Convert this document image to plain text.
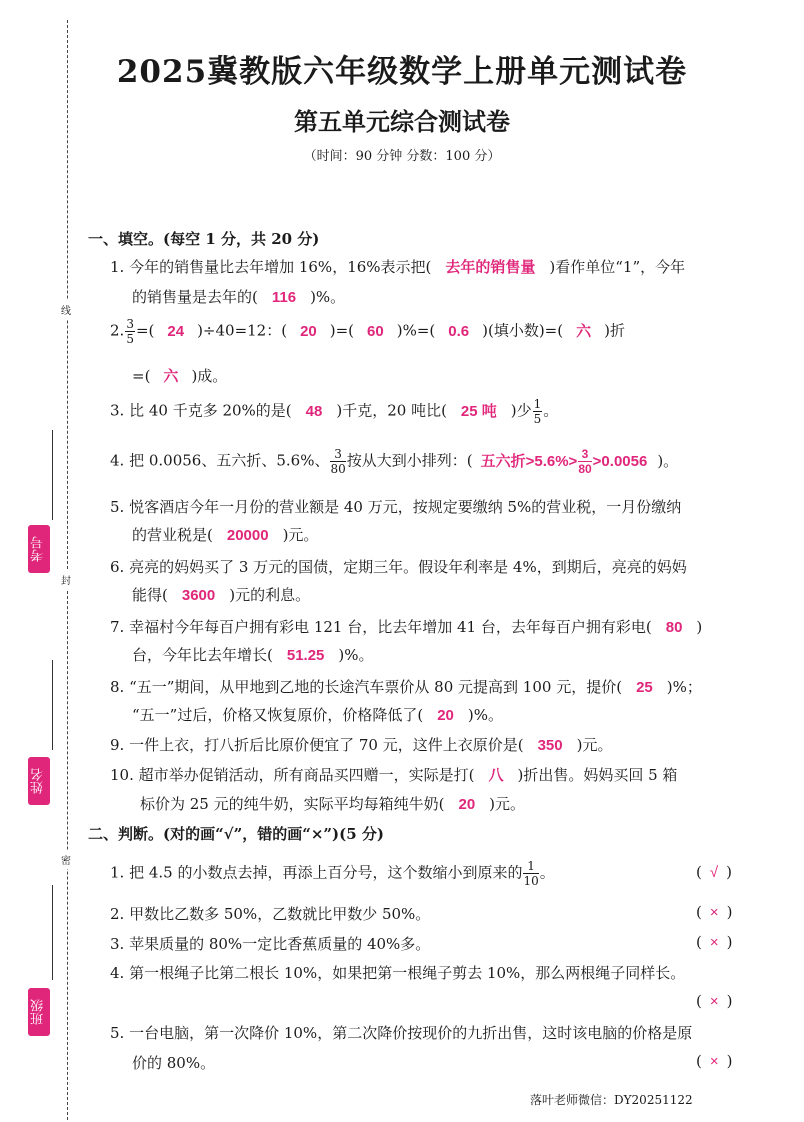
线
封
密
考号
姓名
班级
2025冀教版六年级数学上册单元测试卷
第五单元综合测试卷
（时间：90 分钟 分数：100 分）
一、填空。(每空 1 分，共 20 分)
1. 今年的销售量比去年增加 16%，16%表示把( 去年的销售量 )看作单位“1”，今年
的销售量是去年的( 116 )%。
2. $\frac{3}{5}$ =( 24 )÷40=12：( 20 )=( 60 )%=( 0.6 )(填小数)=( 六 )折
=( 六 )成。
3. 比 40 千克多 20%的是( 48 )千克，20 吨比( 25 吨 )少 $\frac{1}{5}$ 。
4. 把 0.0056、五六折、5.6%、 $\frac{3}{80}$ 按从大到小排列：( 五六折$>5.6\%> \frac{3}{80} >0.0056$ )。
5. 悦客酒店今年一月份的营业额是 40 万元，按规定要缴纳 5%的营业税，一月份缴纳
的营业税是( 20000 )元。
6. 亮亮的妈妈买了 3 万元的国债，定期三年。假设年利率是 4%，到期后，亮亮的妈妈
能得( 3600 )元的利息。
7. 幸福村今年每百户拥有彩电 121 台，比去年增加 41 台，去年每百户拥有彩电( 80 )
台，今年比去年增长( 51.25 )%。
8. “五一”期间，从甲地到乙地的长途汽车票价从 80 元提高到 100 元，提价( 25 )%；
“五一”过后，价格又恢复原价，价格降低了( 20 )%。
9. 一件上衣，打八折后比原价便宜了 70 元，这件上衣原价是( 350 )元。
10. 超市举办促销活动，所有商品买四赠一，实际是打( 八 )折出售。妈妈买回 5 箱
标价为 25 元的纯牛奶，实际平均每箱纯牛奶( 20 )元。
二、判断。(对的画“√”，错的画“×”)(5 分)
1. 把 4.5 的小数点去掉，再添上百分号，这个数缩小到原来的 $\frac{1}{10}$ 。	( √ )
2. 甲数比乙数多 50%，乙数就比甲数少 50%。	( × )
3. 苹果质量的 80%一定比香蕉质量的 40%多。	( × )
4. 第一根绳子比第二根长 10%，如果把第一根绳子剪去 10%，那么两根绳子同样长。
( × )
5. 一台电脑，第一次降价 10%，第二次降价按现价的九折出售，这时该电脑的价格是原
价的 80%。	( × )
落叶老师微信：DY20251122
